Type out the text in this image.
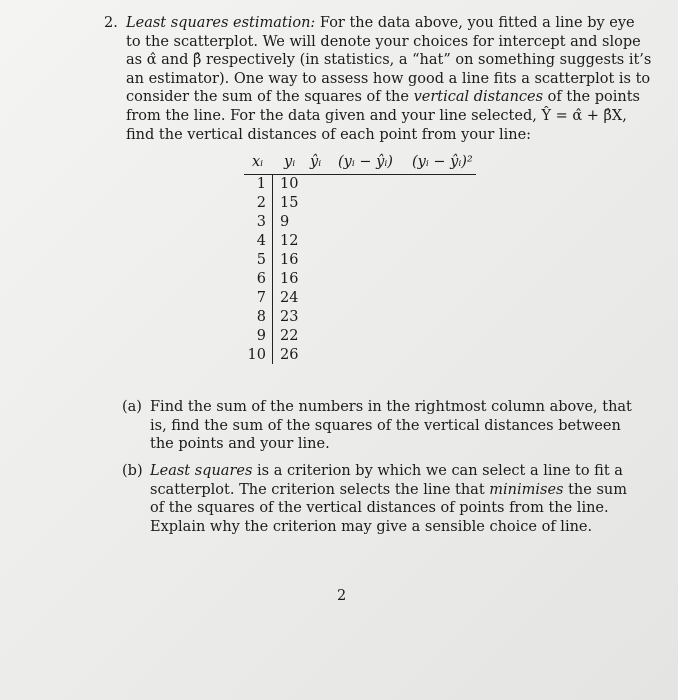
2. Least squares estimation: For the data above, you fitted a line by eye
to the scatterplot. We will denote your choices for intercept and slope
as α̂ and β̂ respectively (in statistics, a “hat” on something suggests it’s
an estimator). One way to assess how good a line fits a scatterplot is to
consider the sum of the squares of the vertical distances of the points
from the line. For the data given and your line selected, Ŷ = α̂ + β̂X,
find the vertical distances of each point from your line:
xᵢ yᵢ ŷᵢ (yᵢ − ŷᵢ) (yᵢ − ŷᵢ)²
1 10
2 15
3 9
4 12
5 16
6 16
7 24
8 23
9 22
10 26
(a) Find the sum of the numbers in the rightmost column above, that
is, find the sum of the squares of the vertical distances between
the points and your line.
(b) Least squares is a criterion by which we can select a line to fit a
scatterplot. The criterion selects the line that minimises the sum
of the squares of the vertical distances of points from the line.
Explain why the criterion may give a sensible choice of line.
2
